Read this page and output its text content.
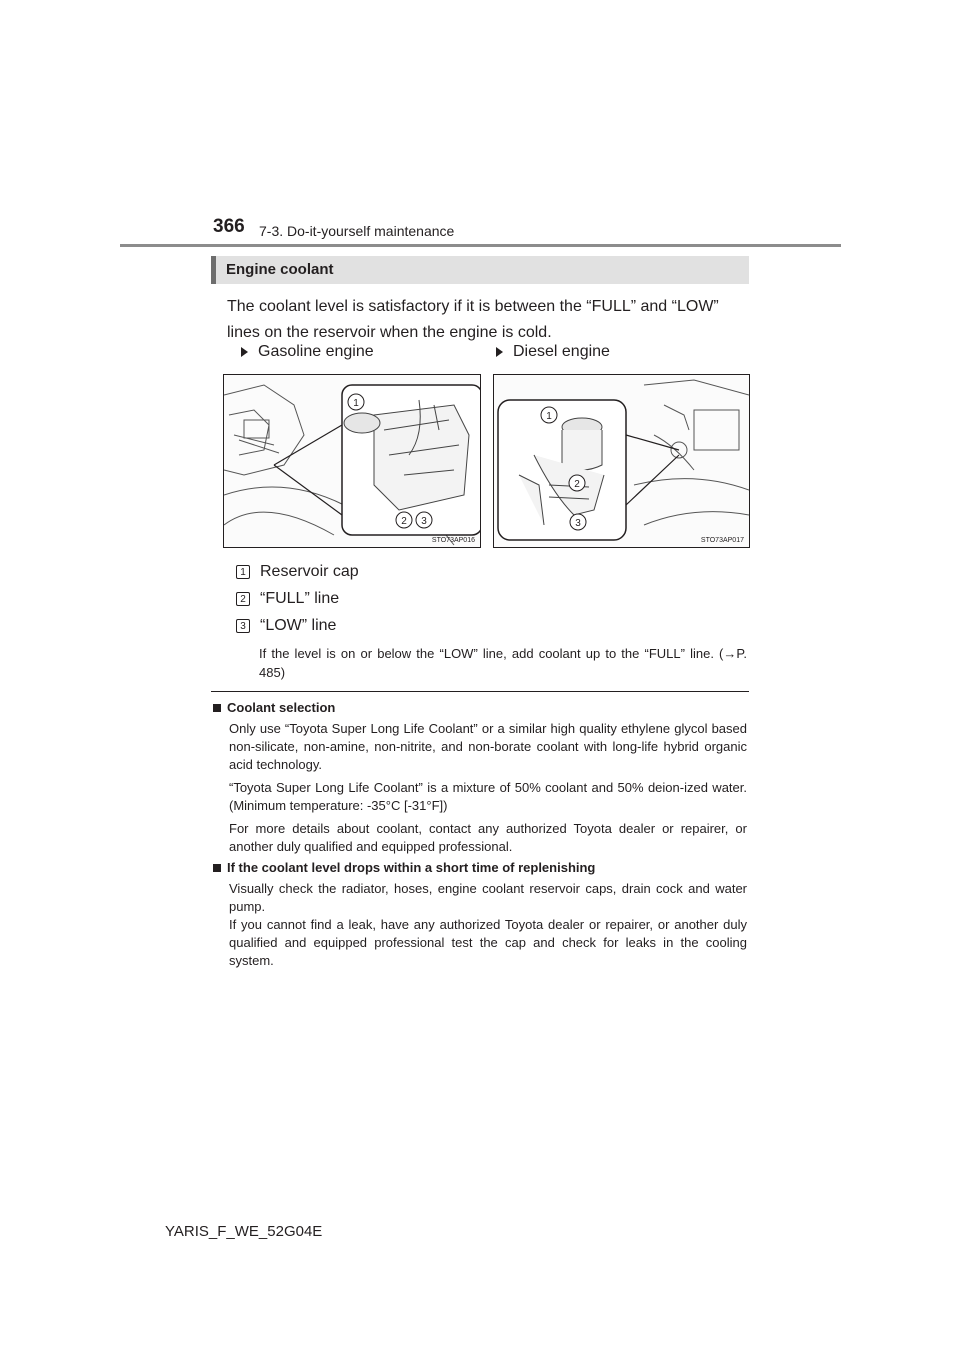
366 7-3. Do-it-yourself maintenance
Engine coolant
The coolant level is satisfactory if it is between the “FULL” and “LOW” lines on the reservoir when the engine is cold.
Gasoline engine	Diesel engine
1
2 3
STO73AP016
1
2
3
STO73AP017
1 Reservoir cap
2 “FULL” line
3 “LOW” line
If the level is on or below the “LOW” line, add coolant up to the “FULL” line. (→P. 485)
Coolant selection
Only use “Toyota Super Long Life Coolant” or a similar high quality ethylene glycol based non-silicate, non-amine, non-nitrite, and non-borate coolant with long-life hybrid organic acid technology.
“Toyota Super Long Life Coolant” is a mixture of 50% coolant and 50% deion-ized water. (Minimum temperature: -35°C [-31°F])
For more details about coolant, contact any authorized Toyota dealer or repairer, or another duly qualified and equipped professional.
If the coolant level drops within a short time of replenishing
Visually check the radiator, hoses, engine coolant reservoir caps, drain cock and water pump.
If you cannot find a leak, have any authorized Toyota dealer or repairer, or another duly qualified and equipped professional test the cap and check for leaks in the cooling system.
YARIS_F_WE_52G04E
